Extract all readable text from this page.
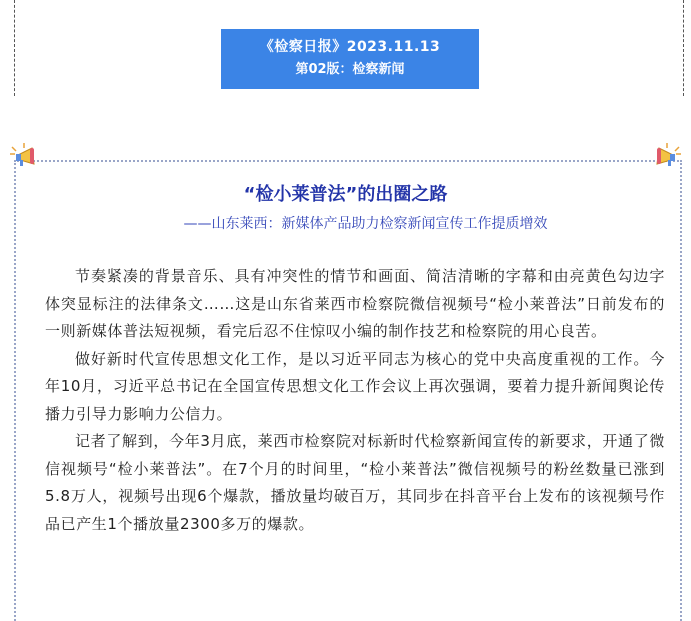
《检察日报》2023.11.13
第02版：检察新闻
“检小莱普法”的出圈之路
——山东莱西：新媒体产品助力检察新闻宣传工作提质增效

节奏紧凑的背景音乐、具有冲突性的情节和画面、简洁清晰的字幕和由亮黄色勾边字体突显标注的法律条文……这是山东省莱西市检察院微信视频号“检小莱普法”日前发布的一则新媒体普法短视频，看完后忍不住惊叹小编的制作技艺和检察院的用心良苦。

做好新时代宣传思想文化工作，是以习近平同志为核心的党中央高度重视的工作。今年10月，习近平总书记在全国宣传思想文化工作会议上再次强调，要着力提升新闻舆论传播力引导力影响力公信力。

记者了解到，今年3月底，莱西市检察院对标新时代检察新闻宣传的新要求，开通了微信视频号“检小莱普法”。在7个月的时间里，“检小莱普法”微信视频号的粉丝数量已涨到5.8万人，视频号出现6个爆款，播放量均破百万，其同步在抖音平台上发布的该视频号作品已产生1个播放量2300多万的爆款。
